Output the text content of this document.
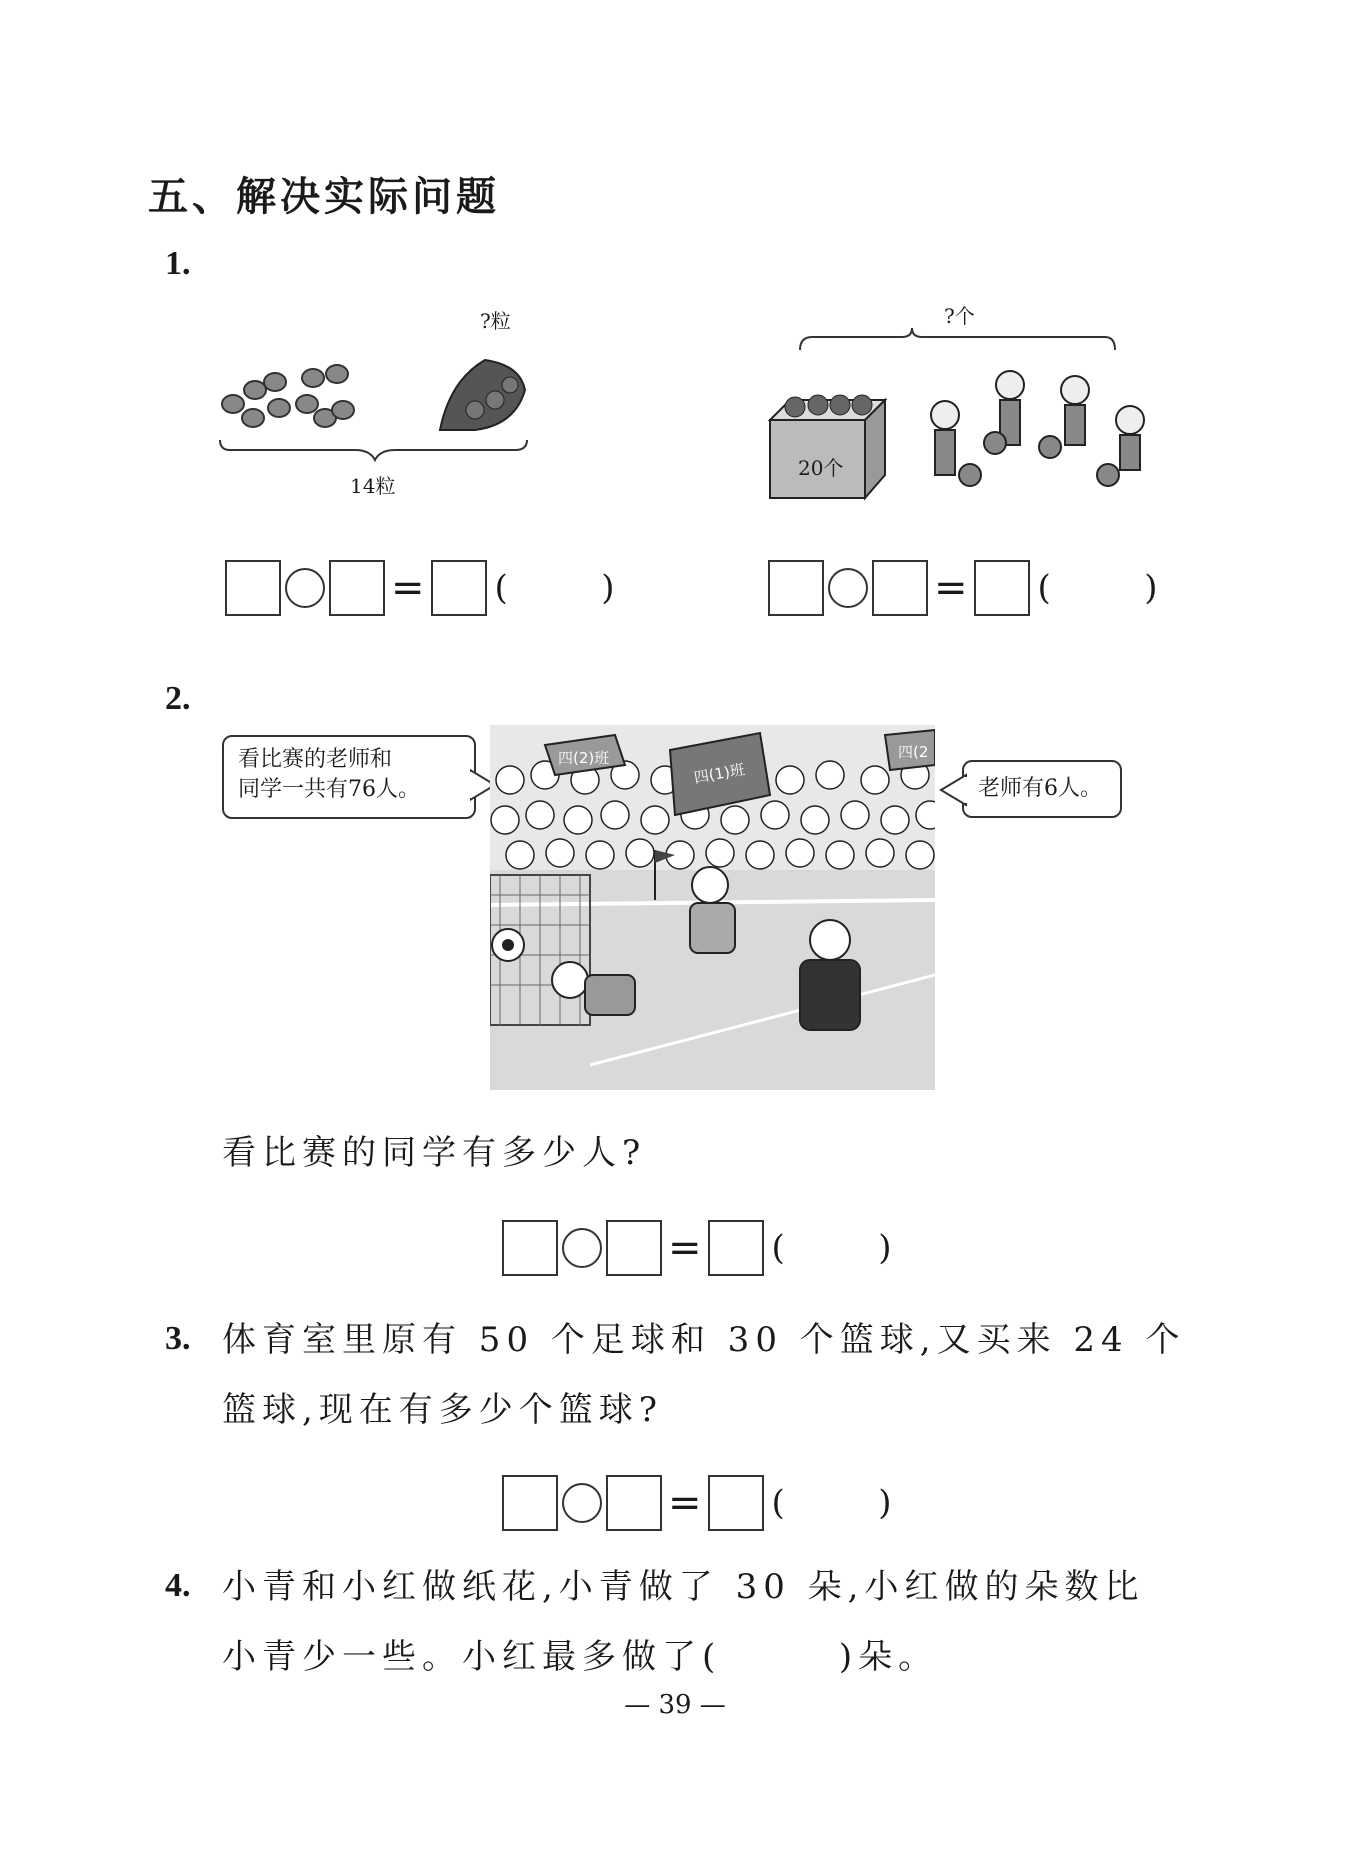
五、解决实际问题
1.
?粒
14粒
?个
20个
= (	)	= (	)
2.
看比赛的老师和
同学一共有76人。	老师有6人。
四(2)班
四(1)班
四(2
看比赛的同学有多少人?
= (	)
3. 体育室里原有 50 个足球和 30 个篮球,又买来 24 个
篮球,现在有多少个篮球?
= (	)
4. 小青和小红做纸花,小青做了 30 朵,小红做的朵数比
小青少一些。小红最多做了(       )朵。
— 39 —
